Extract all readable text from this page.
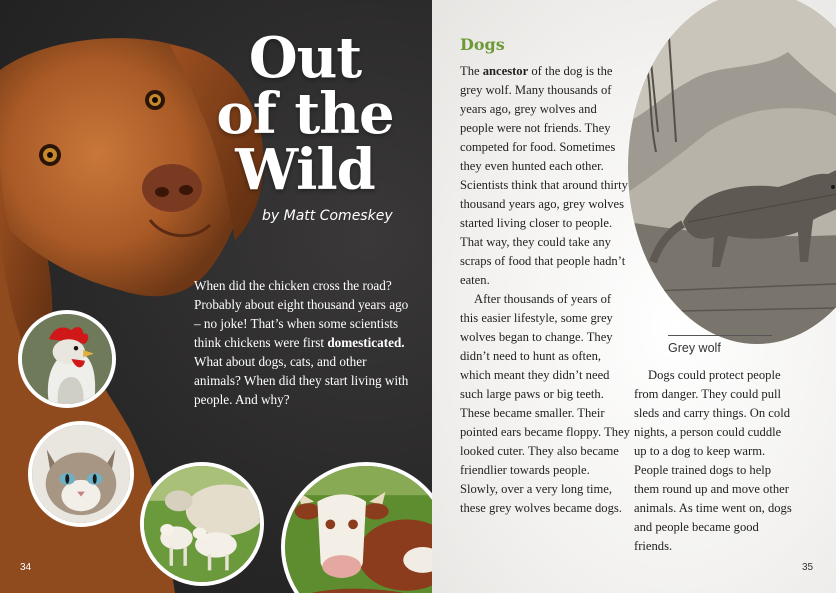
Out
of the
Wild
by Matt Comeskey
When did the chicken cross the road? Probably about eight thousand years ago – no joke! That’s when some scientists think chickens were first domesticated. What about dogs, cats, and other animals? When did they start living with people. And why?
34
Dogs

The ancestor of the dog is the grey wolf. Many thousands of years ago, grey wolves and people were not friends. They competed for food. Sometimes they even hunted each other. Scientists think that around thirty thousand years ago, grey wolves started living closer to people. That way, they could take any scraps of food that people hadn’t eaten.

After thousands of years of this easier lifestyle, some grey wolves began to change. They didn’t need to hunt as often, which meant they didn’t need such large paws or big teeth. These became smaller. Their pointed ears became floppy. They looked cuter. They also became friendlier towards people. Slowly, over a very long time, these grey wolves became dogs.

Grey wolf

Dogs could protect people from danger. They could pull sleds and carry things. On cold nights, a person could cuddle up to a dog to keep warm. People trained dogs to help them round up and move other animals. As time went on, dogs and people became good friends.

35
